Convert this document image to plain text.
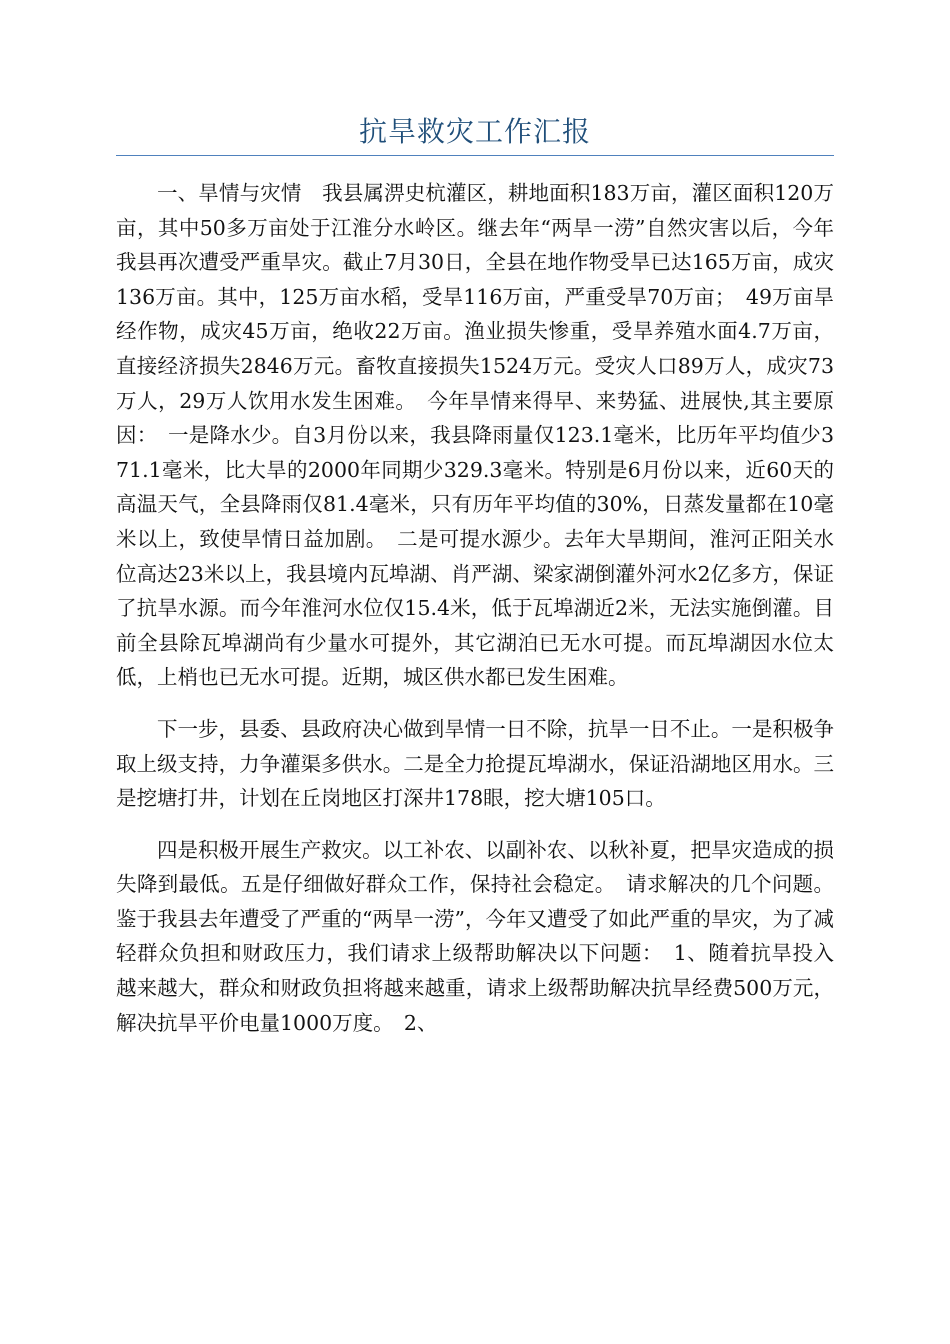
抗旱救灾工作汇报

一、旱情与灾情　我县属淠史杭灌区，耕地面积183万亩，灌区面积120万亩，其中50多万亩处于江淮分水岭区。继去年“两旱一涝”自然灾害以后，今年我县再次遭受严重旱灾。截止7月30日，全县在地作物受旱已达165万亩，成灾136万亩。其中，125万亩水稻，受旱116万亩，严重受旱70万亩；　49万亩旱经作物，成灾45万亩，绝收22万亩。渔业损失惨重，受旱养殖水面4.7万亩，直接经济损失2846万元。畜牧直接损失1524万元。受灾人口89万人，成灾73万人，29万人饮用水发生困难。　今年旱情来得早、来势猛、进展快,其主要原因：　一是降水少。自3月份以来，我县降雨量仅123.1毫米，比历年平均值少371.1毫米，比大旱的2000年同期少329.3毫米。特别是6月份以来，近60天的高温天气，全县降雨仅81.4毫米，只有历年平均值的30%，日蒸发量都在10毫米以上，致使旱情日益加剧。　二是可提水源少。去年大旱期间，淮河正阳关水位高达23米以上，我县境内瓦埠湖、肖严湖、梁家湖倒灌外河水2亿多方，保证了抗旱水源。而今年淮河水位仅15.4米，低于瓦埠湖近2米，无法实施倒灌。目前全县除瓦埠湖尚有少量水可提外，其它湖泊已无水可提。而瓦埠湖因水位太低，上梢也已无水可提。近期，城区供水都已发生困难。

下一步，县委、县政府决心做到旱情一日不除，抗旱一日不止。一是积极争取上级支持，力争灌渠多供水。二是全力抢提瓦埠湖水，保证沿湖地区用水。三是挖塘打井，计划在丘岗地区打深井178眼，挖大塘105口。

四是积极开展生产救灾。以工补农、以副补农、以秋补夏，把旱灾造成的损失降到最低。五是仔细做好群众工作，保持社会稳定。　请求解决的几个问题。鉴于我县去年遭受了严重的“两旱一涝”，今年又遭受了如此严重的旱灾，为了减轻群众负担和财政压力，我们请求上级帮助解决以下问题：　1、随着抗旱投入越来越大，群众和财政负担将越来越重，请求上级帮助解决抗旱经费500万元，解决抗旱平价电量1000万度。　2、
